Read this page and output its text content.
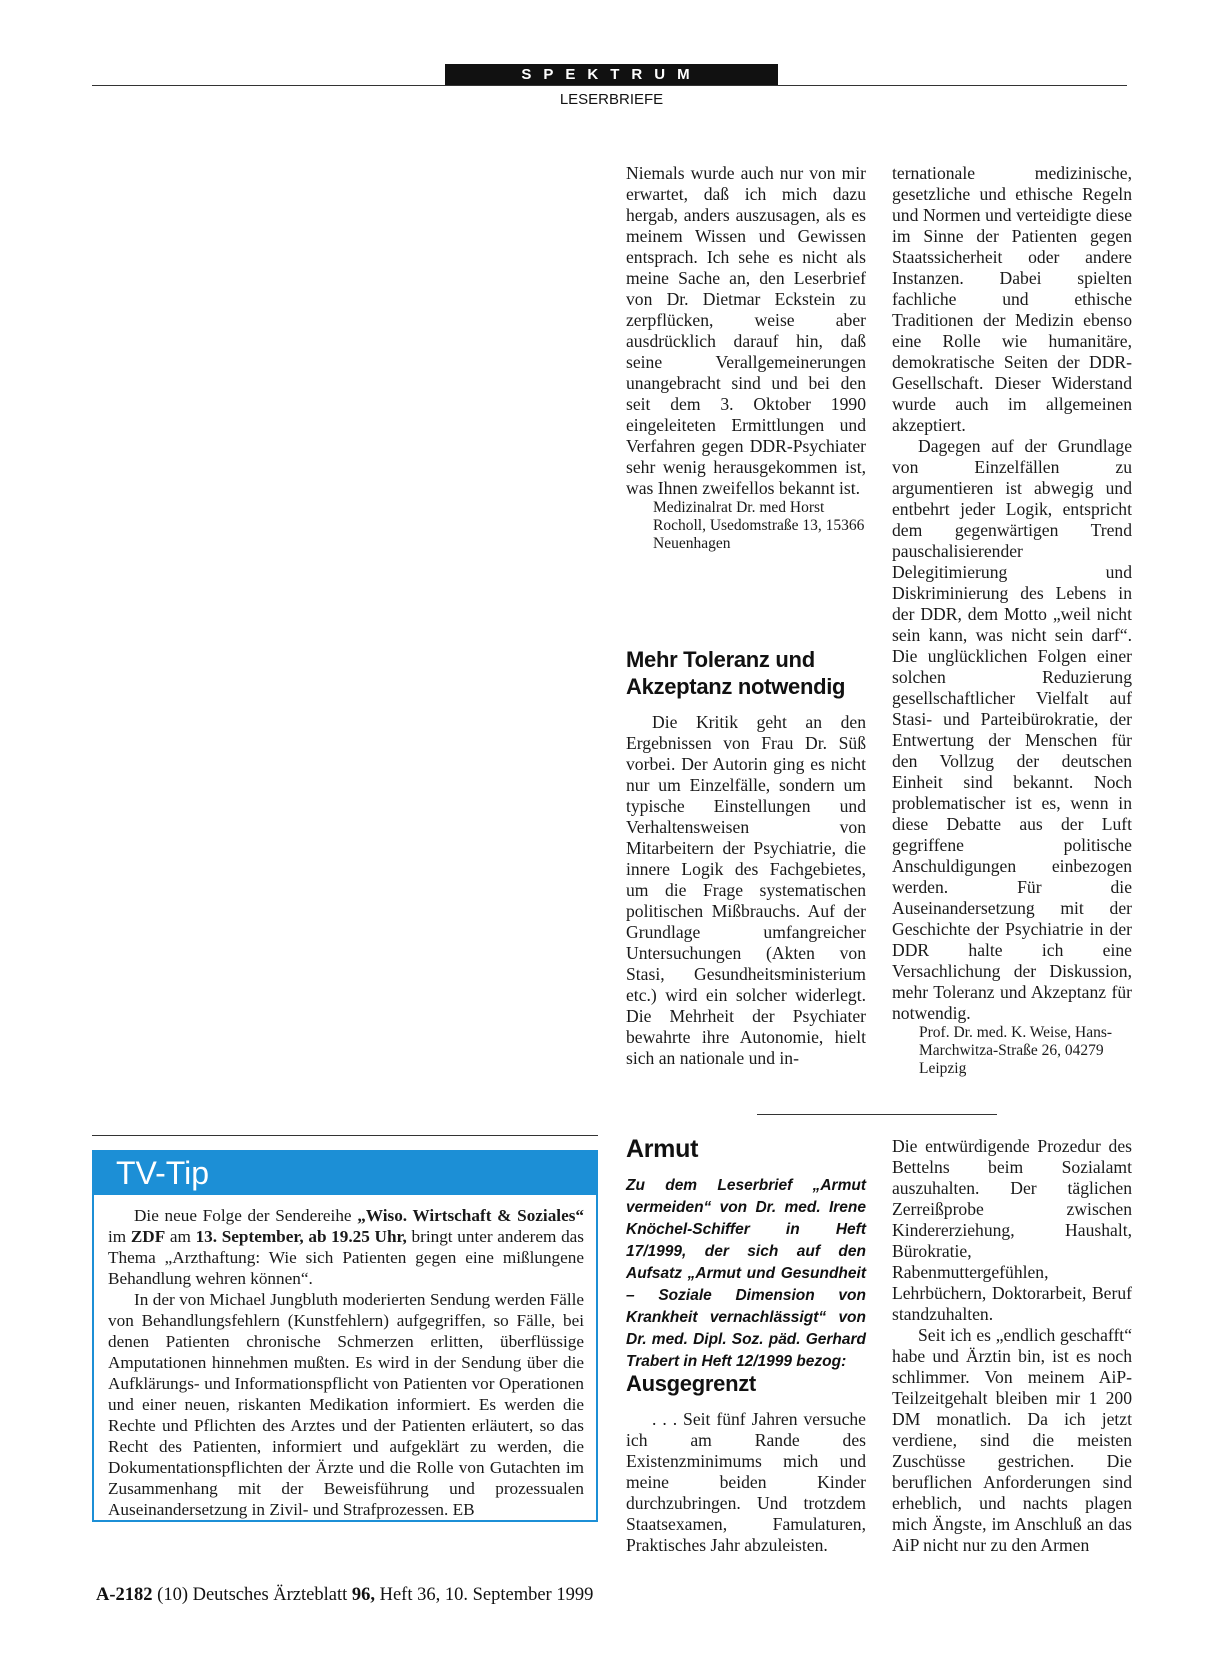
SPEKTRUM
LESERBRIEFE

Niemals wurde auch nur von mir erwartet, daß ich mich dazu hergab, anders auszusagen, als es meinem Wissen und Gewissen entsprach. Ich sehe es nicht als meine Sache an, den Leserbrief von Dr. Dietmar Eckstein zu zerpflücken, weise aber ausdrücklich darauf hin, daß seine Verallgemeinerungen unangebracht sind und bei den seit dem 3. Oktober 1990 eingeleiteten Ermittlungen und Verfahren gegen DDR-Psychiater sehr wenig herausgekommen ist, was Ihnen zweifellos bekannt ist.

Medizinalrat Dr. med Horst Rocholl, Usedomstraße 13, 15366 Neuenhagen

Mehr Toleranz und Akzeptanz notwendig

Die Kritik geht an den Ergebnissen von Frau Dr. Süß vorbei. Der Autorin ging es nicht nur um Einzelfälle, sondern um typische Einstellungen und Verhaltensweisen von Mitarbeitern der Psychiatrie, die innere Logik des Fachgebietes, um die Frage systematischen politischen Mißbrauchs. Auf der Grundlage umfangreicher Untersuchungen (Akten von Stasi, Gesundheitsministerium etc.) wird ein solcher widerlegt. Die Mehrheit der Psychiater bewahrte ihre Autonomie, hielt sich an nationale und in-

ternationale medizinische, gesetzliche und ethische Regeln und Normen und verteidigte diese im Sinne der Patienten gegen Staatssicherheit oder andere Instanzen. Dabei spielten fachliche und ethische Traditionen der Medizin ebenso eine Rolle wie humanitäre, demokratische Seiten der DDR-Gesellschaft. Dieser Widerstand wurde auch im allgemeinen akzeptiert.

Dagegen auf der Grundlage von Einzelfällen zu argumentieren ist abwegig und entbehrt jeder Logik, entspricht dem gegenwärtigen Trend pauschalisierender Delegitimierung und Diskriminierung des Lebens in der DDR, dem Motto „weil nicht sein kann, was nicht sein darf“. Die unglücklichen Folgen einer solchen Reduzierung gesellschaftlicher Vielfalt auf Stasi- und Parteibürokratie, der Entwertung der Menschen für den Vollzug der deutschen Einheit sind bekannt. Noch problematischer ist es, wenn in diese Debatte aus der Luft gegriffene politische Anschuldigungen einbezogen werden. Für die Auseinandersetzung mit der Geschichte der Psychiatrie in der DDR halte ich eine Versachlichung der Diskussion, mehr Toleranz und Akzeptanz für notwendig.

Prof. Dr. med. K. Weise, Hans-Marchwitza-Straße 26, 04279 Leipzig

TV-Tip

Die neue Folge der Sendereihe „Wiso. Wirtschaft & Soziales“ im ZDF am 13. September, ab 19.25 Uhr, bringt unter anderem das Thema „Arzthaftung: Wie sich Patienten gegen eine mißlungene Behandlung wehren können“.

In der von Michael Jungbluth moderierten Sendung werden Fälle von Behandlungsfehlern (Kunstfehlern) aufgegriffen, so Fälle, bei denen Patienten chronische Schmerzen erlitten, überflüssige Amputationen hinnehmen mußten. Es wird in der Sendung über die Aufklärungs- und Informationspflicht von Patienten vor Operationen und einer neuen, riskanten Medikation informiert. Es werden die Rechte und Pflichten des Arztes und der Patienten erläutert, so das Recht des Patienten, informiert und aufgeklärt zu werden, die Dokumentationspflichten der Ärzte und die Rolle von Gutachten im Zusammenhang mit der Beweisführung und prozessualen Auseinandersetzung in Zivil- und Strafprozessen. EB

Armut
Zu dem Leserbrief „Armut vermeiden“ von Dr. med. Irene Knöchel-Schiffer in Heft 17/1999, der sich auf den Aufsatz „Armut und Gesundheit – Soziale Dimension von Krankheit vernachlässigt“ von Dr. med. Dipl. Soz. päd. Gerhard Trabert in Heft 12/1999 bezog:
Ausgegrenzt

. . . Seit fünf Jahren versuche ich am Rande des Existenzminimums mich und meine beiden Kinder durchzubringen. Und trotzdem Staatsexamen, Famulaturen, Praktisches Jahr abzuleisten.

Die entwürdigende Prozedur des Bettelns beim Sozialamt auszuhalten. Der täglichen Zerreißprobe zwischen Kindererziehung, Haushalt, Bürokratie, Rabenmuttergefühlen, Lehrbüchern, Doktorarbeit, Beruf standzuhalten.

Seit ich es „endlich geschafft“ habe und Ärztin bin, ist es noch schlimmer. Von meinem AiP-Teilzeitgehalt bleiben mir 1 200 DM monatlich. Da ich jetzt verdiene, sind die meisten Zuschüsse gestrichen. Die beruflichen Anforderungen sind erheblich, und nachts plagen mich Ängste, im Anschluß an das AiP nicht nur zu den Armen

A-2182 (10) Deutsches Ärzteblatt 96, Heft 36, 10. September 1999
